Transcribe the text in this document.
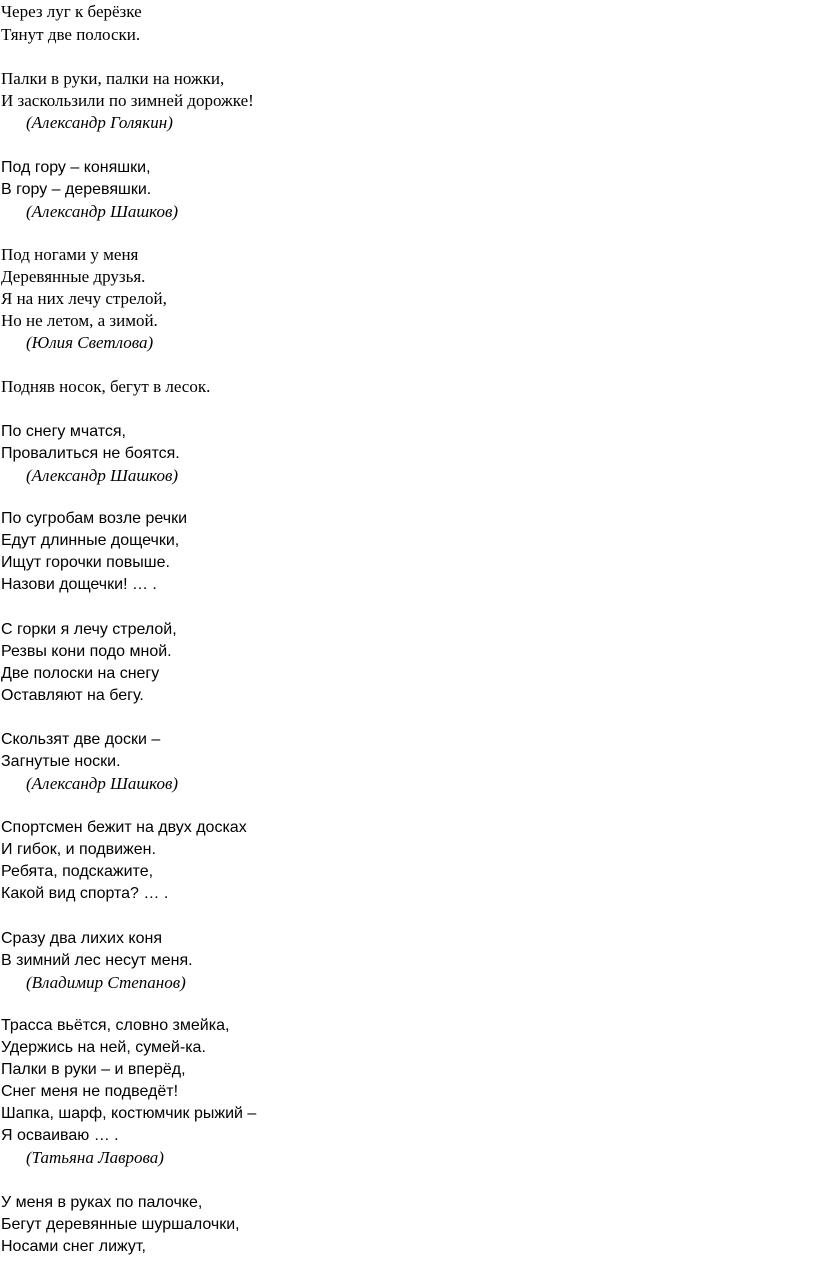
Через луг к берёзке
Тянут две полоски.
Палки в руки, палки на ножки,
И заскользили по зимней дорожке!
(Александр Голякин)
Под гору – коняшки,
В гору – деревяшки.
(Александр Шашков)
Под ногами у меня
Деревянные друзья.
Я на них лечу стрелой,
Но не летом, а зимой.
(Юлия Светлова)
Подняв носок, бегут в лесок.
По снегу мчатся,
Провалиться не боятся.
(Александр Шашков)
По сугробам возле речки
Едут длинные дощечки,
Ищут горочки повыше.
Назови дощечки! … .
С горки я лечу стрелой,
Резвы кони подо мной.
Две полоски на снегу
Оставляют на бегу.
Скользят две доски –
Загнутые носки.
(Александр Шашков)
Спортсмен бежит на двух досках
И гибок, и подвижен.
Ребята, подскажите,
Какой вид спорта? … .
Сразу два лихих коня
В зимний лес несут меня.
(Владимир Степанов)
Трасса вьётся, словно змейка,
Удержись на ней, сумей-ка.
Палки в руки – и вперёд,
Снег меня не подведёт!
Шапка, шарф, костюмчик рыжий –
Я осваиваю … .
(Татьяна Лаврова)
У меня в руках по палочке,
Бегут деревянные шуршалочки,
Носами снег лижут,
